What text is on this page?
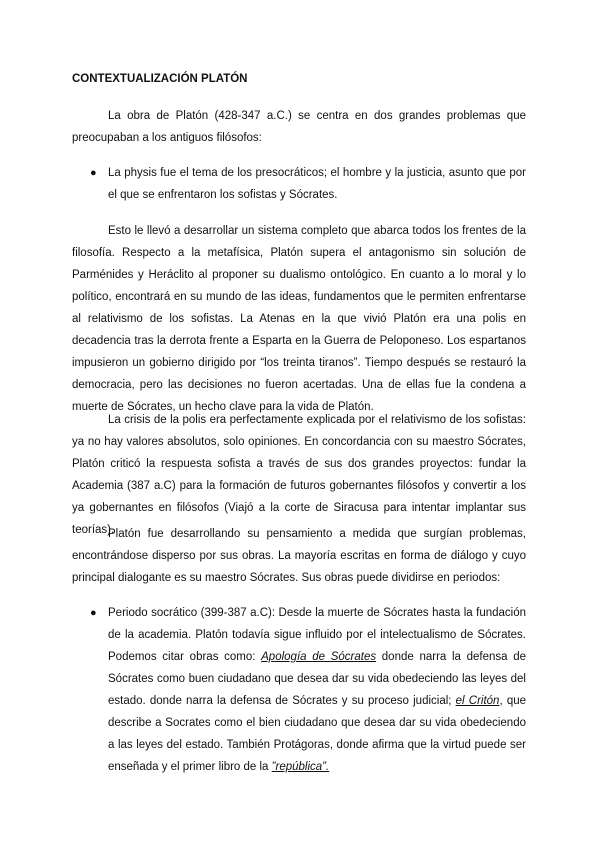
CONTEXTUALIZACIÓN PLATÓN

La obra de Platón (428-347 a.C.) se centra en dos grandes problemas que preocupaban a los antiguos filósofos:

● La physis fue el tema de los presocráticos; el hombre y la justicia, asunto que por el que se enfrentaron los sofistas y Sócrates.

Esto le llevó a desarrollar un sistema completo que abarca todos los frentes de la filosofía. Respecto a la metafísica, Platón supera el antagonismo sin solución de Parménides y Heráclito al proponer su dualismo ontológico. En cuanto a lo moral y lo político, encontrará en su mundo de las ideas, fundamentos que le permiten enfrentarse al relativismo de los sofistas. La Atenas en la que vivió Platón era una polis en decadencia tras la derrota frente a Esparta en la Guerra de Peloponeso. Los espartanos impusieron un gobierno dirigido por “los treinta tiranos”. Tiempo después se restauró la democracia, pero las decisiones no fueron acertadas. Una de ellas fue la condena a muerte de Sócrates, un hecho clave para la vida de Platón.

La crisis de la polis era perfectamente explicada por el relativismo de los sofistas: ya no hay valores absolutos, solo opiniones. En concordancia con su maestro Sócrates, Platón criticó la respuesta sofista a través de sus dos grandes proyectos: fundar la Academia (387 a.C) para la formación de futuros gobernantes filósofos y convertir a los ya gobernantes en filósofos (Viajó a la corte de Siracusa para intentar implantar sus teorías).

Platón fue desarrollando su pensamiento a medida que surgían problemas, encontrándose disperso por sus obras. La mayoría escritas en forma de diálogo y cuyo principal dialogante es su maestro Sócrates. Sus obras puede dividirse en periodos:

● Periodo socrático (399-387 a.C): Desde la muerte de Sócrates hasta la fundación de la academia. Platón todavía sigue influido por el intelectualismo de Sócrates. Podemos citar obras como: Apología de Sócrates donde narra la defensa de Sócrates como buen ciudadano que desea dar su vida obedeciendo las leyes del estado. donde narra la defensa de Sócrates y su proceso judicial; el Critón, que describe a Socrates como el bien ciudadano que desea dar su vida obedeciendo a las leyes del estado. También Protágoras, donde afirma que la virtud puede ser enseñada y el primer libro de la ”república”.
